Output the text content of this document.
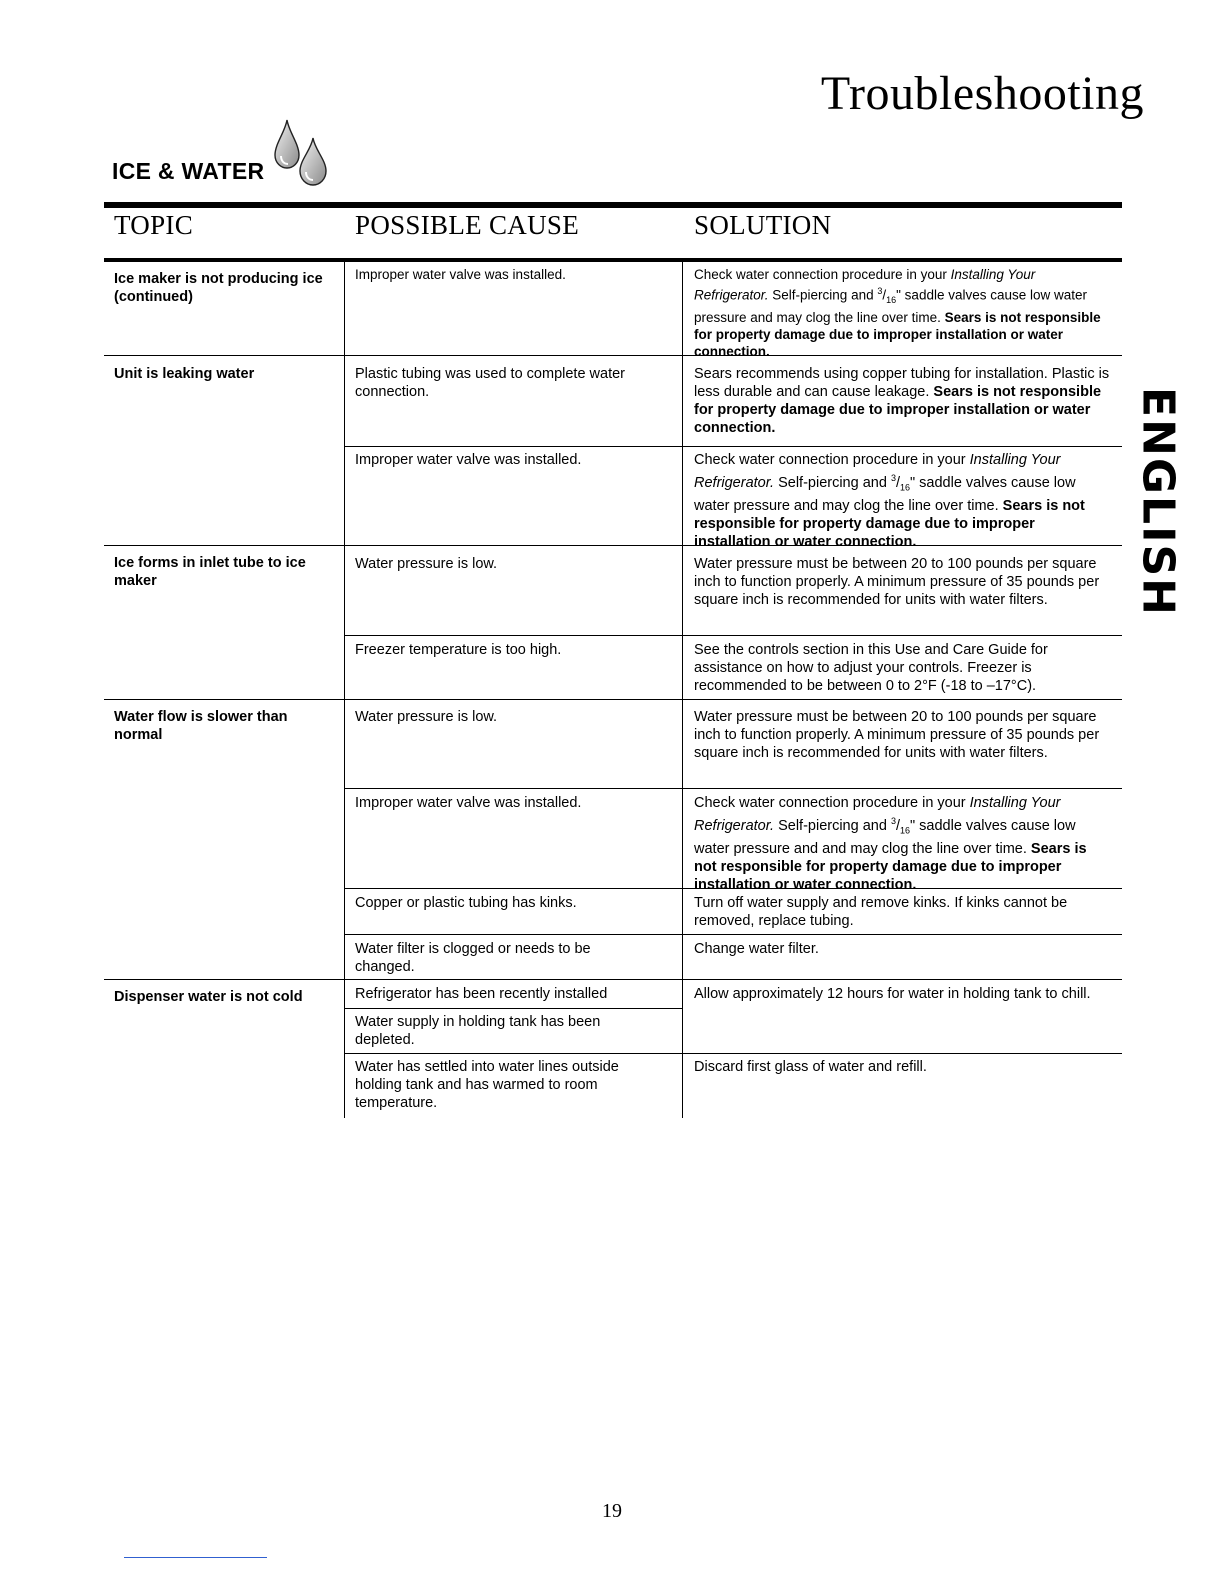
Troubleshooting
ICE & WATER
TOPIC	POSSIBLE CAUSE	SOLUTION
Ice maker is not producing ice (continued)
Unit is leaking water
Ice forms in inlet tube to ice maker
Water flow is slower than normal
Dispenser water is not cold
Improper water valve was installed.
Plastic tubing was used to complete water connection.
Improper water valve was installed.
Water pressure is low.
Freezer temperature is too high.
Water pressure is low.
Improper water valve was installed.
Copper or plastic tubing has kinks.
Water filter is clogged or needs to be changed.
Refrigerator has been recently installed
Water supply in holding tank has been depleted.
Water has settled into water lines outside holding tank and has warmed to room temperature.
Check water connection procedure in your Installing Your Refrigerator. Self-piercing and $^3/_{16}$" saddle valves cause low water pressure and may clog the line over time. Sears is not responsible for property damage due to improper installation or water connection.
Sears recommends using copper tubing for installation. Plastic is less durable and can cause leakage. Sears is not responsible for property damage due to improper installation or water connection.
Check water connection procedure in your Installing Your Refrigerator. Self-piercing and $^3/_{16}$" saddle valves cause low water pressure and may clog the line over time. Sears is not responsible for property damage due to improper installation or water connection.
Water pressure must be between 20 to 100 pounds per square inch to function properly. A minimum pressure of 35 pounds per square inch is recommended for units with water filters.
See the controls section in this Use and Care Guide for assistance on how to adjust your controls. Freezer is recommended to be between 0 to 2°F (-18 to –17°C).
Water pressure must be between 20 to 100 pounds per square inch to function properly. A minimum pressure of 35 pounds per square inch is recommended for units with water filters.
Check water connection procedure in your Installing Your Refrigerator. Self-piercing and $^3/_{16}$" saddle valves cause low water pressure and and may clog the line over time. Sears is not responsible for property damage due to improper installation or water connection.
Turn off water supply and remove kinks. If kinks cannot be removed, replace tubing.
Change water filter.
Allow approximately 12 hours for water in holding tank to chill.
Discard first glass of water and refill.
ENGLISH
19
